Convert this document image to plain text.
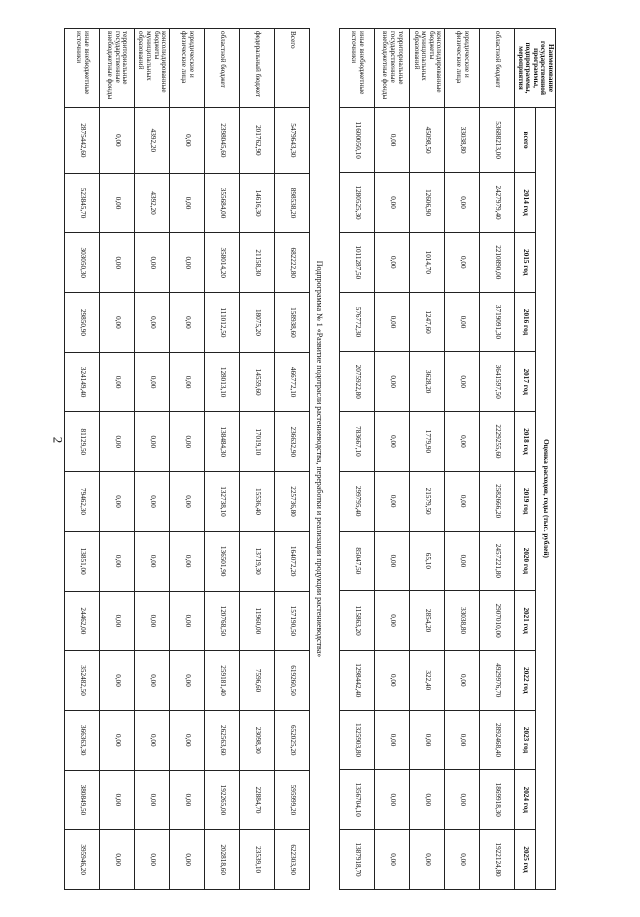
2
Наименование государственной программы, подпрограммы, мероприятия	Оценка расходов, годы (тыс. рублей)												
	всего	2014 год	2015 год	2016 год	2017 год	2018 год	2019 год	2020 год	2021 год	2022 год	2023 год	2024 год	2025 год
областной бюджет	53688213,00	2427979,40	2210890,00	3719091,30	3641597,50	2229255,60	2582666,20	2457221,80	2907010,00	4929976,70	2892468,40	1869918,30	1922124,80
юридические и физические лица	33038,80	0,00	0,00	0,00	0,00	0,00	0,00	0,00	33038,80	0,00	0,00	0,00	0,00
консолидированные бюджеты муниципальных образований	45098,50	12606,90	1014,70	1247,60	3628,20	1779,90	21579,50	65,10	2854,20	322,40	0,00	0,00	0,00
территориальные государственные внебюджетные фонды	0,00	0,00	0,00	0,00	0,00	0,00	0,00	0,00	0,00	0,00	0,00	0,00	0,00
иные внебюджетные источники	11600050,10	1280525,30	1011287,50	576772,30	2075922,80	783667,10	299795,40	85047,50	115863,20	1298442,40	1325903,80	1356704,10	1387918,70
Подпрограмма № 1 «Развитие подотрасли растениеводства, переработки и реализации продукции растениеводства»
Всего	5479643,30	898538,20	682222,80	158938,60	466772,10	236632,90	225736,80	164072,20	157190,50	619260,50	652025,20	595999,20	622303,90
федеральный бюджет	201762,90	14616,30	21158,30	18075,20	14559,60	17019,10	15536,40	13719,30	11960,00	7596,60	23098,30	22884,70	23539,10
областной бюджет	2398045,60	355684,00	358014,20	111012,50	128013,10	138484,30	132738,10	136501,90	120768,50	259181,40	262563,60	192265,00	202818,60
юридические и физические лица	0,00	0,00	0,00	0,00	0,00	0,00	0,00	0,00	0,00	0,00	0,00	0,00	0,00
консолидированные бюджеты муниципальных образований	4392,20	4392,20	0,00	0,00	0,00	0,00	0,00	0,00	0,00	0,00	0,00	0,00	0,00
территориальные государственные внебюджетные фонды	0,00	0,00	0,00	0,00	0,00	0,00	0,00	0,00	0,00	0,00	0,00	0,00	0,00
иные внебюджетные источники	2875442,60	523845,70	303050,30	29850,90	324149,40	81129,50	79462,30	13851,00	24462,00	352482,50	366363,30	380849,50	395946,20
